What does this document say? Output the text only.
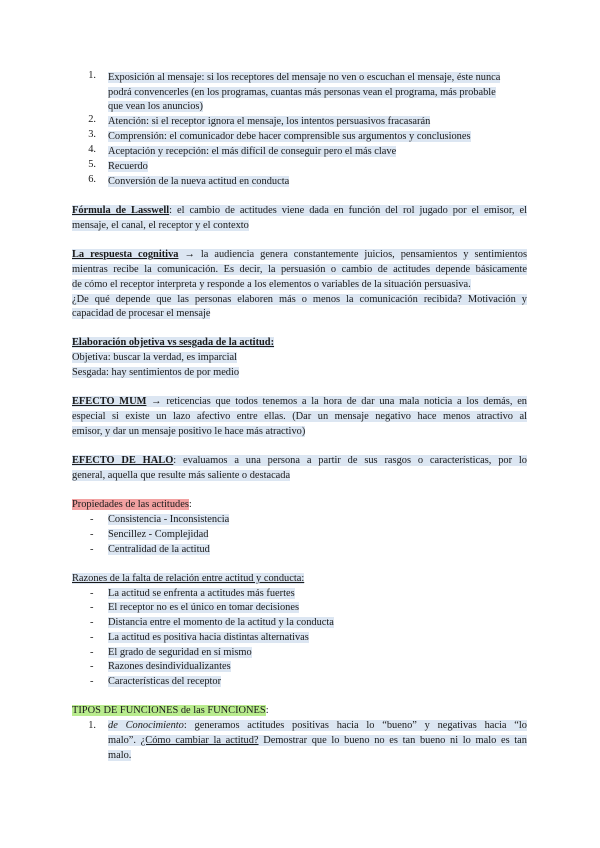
1. Exposición al mensaje: si los receptores del mensaje no ven o escuchan el mensaje, éste nunca
podrá convencerles (en los programas, cuantas más personas vean el programa, más probable
que vean los anuncios)
2. Atención: si el receptor ignora el mensaje, los intentos persuasivos fracasarán
3. Comprensión: el comunicador debe hacer comprensible sus argumentos y conclusiones
4. Aceptación y recepción: el más difícil de conseguir pero el más clave
5. Recuerdo
6. Conversión de la nueva actitud en conducta
Fórmula de Lasswell: el cambio de actitudes viene dada en función del rol jugado por el emisor, el
mensaje, el canal, el receptor y el contexto
La respuesta cognitiva → la audiencia genera constantemente juicios, pensamientos y sentimientos
mientras recibe la comunicación. Es decir, la persuasión o cambio de actitudes depende básicamente
de cómo el receptor interpreta y responde a los elementos o variables de la situación persuasiva.
¿De qué depende que las personas elaboren más o menos la comunicación recibida? Motivación y
capacidad de procesar el mensaje
Elaboración objetiva vs sesgada de la actitud:
Objetiva: buscar la verdad, es imparcial
Sesgada: hay sentimientos de por medio
EFECTO MUM → reticencias que todos tenemos a la hora de dar una mala noticia a los demás, en
especial si existe un lazo afectivo entre ellas. (Dar un mensaje negativo hace menos atractivo al
emisor, y dar un mensaje positivo le hace más atractivo)
EFECTO DE HALO: evaluamos a una persona a partir de sus rasgos o características, por lo
general, aquella que resulte más saliente o destacada
Propiedades de las actitudes:
- Consistencia - Inconsistencia
- Sencillez - Complejidad
- Centralidad de la actitud
Razones de la falta de relación entre actitud y conducta:
- La actitud se enfrenta a actitudes más fuertes
- El receptor no es el único en tomar decisiones
- Distancia entre el momento de la actitud y la conducta
- La actitud es positiva hacia distintas alternativas
- El grado de seguridad en sí mismo
- Razones desindividualizantes
- Características del receptor
TIPOS DE FUNCIONES de las FUNCIONES:
1. de Conocimiento: generamos actitudes positivas hacia lo “bueno” y negativas hacia “lo
malo”. ¿Cómo cambiar la actitud? Demostrar que lo bueno no es tan bueno ni lo malo es tan
malo.
